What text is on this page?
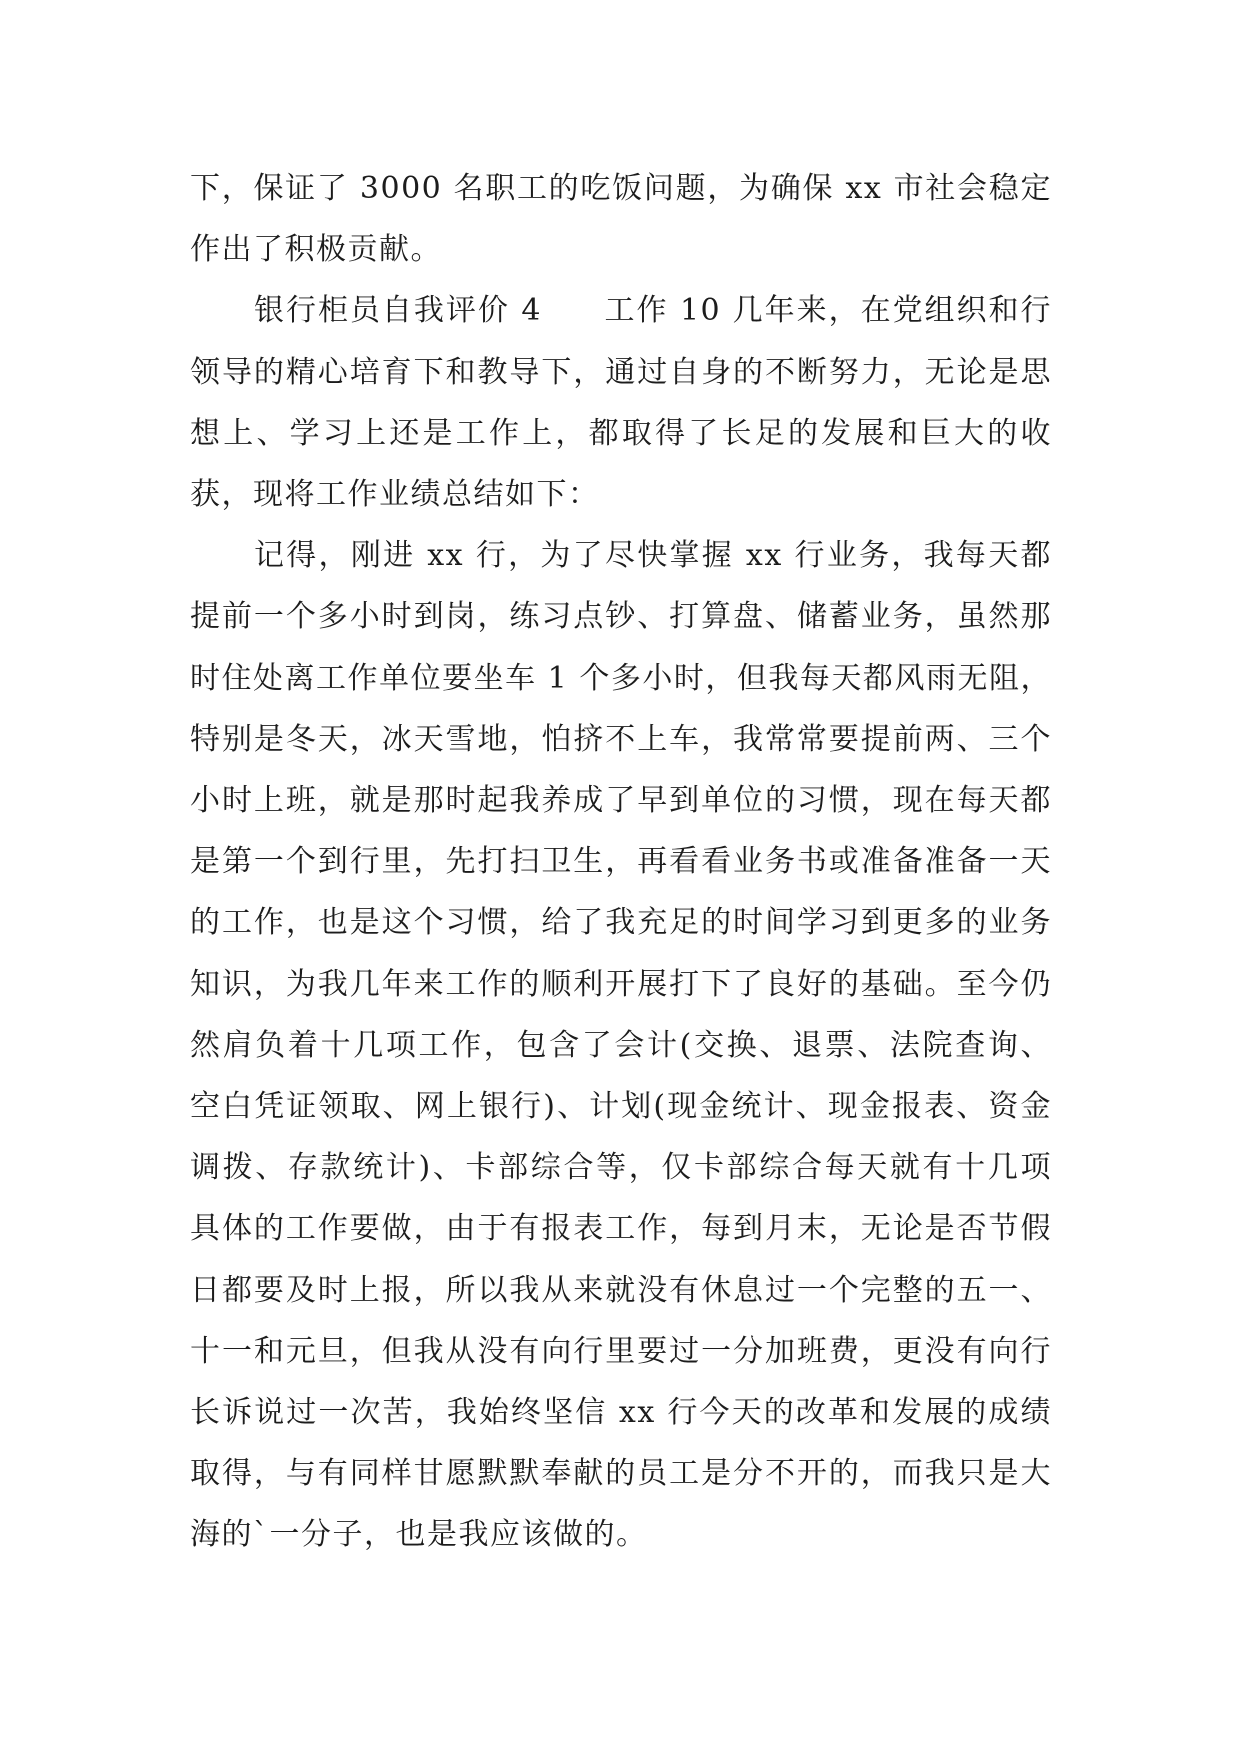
下，保证了 3000 名职工的吃饭问题，为确保 xx 市社会稳定作出了积极贡献。

银行柜员自我评价 4 工作 10 几年来，在党组织和行领导的精心培育下和教导下，通过自身的不断努力，无论是思想上、学习上还是工作上，都取得了长足的发展和巨大的收获，现将工作业绩总结如下：

记得，刚进 xx 行，为了尽快掌握 xx 行业务，我每天都提前一个多小时到岗，练习点钞、打算盘、储蓄业务，虽然那时住处离工作单位要坐车 1 个多小时，但我每天都风雨无阻，特别是冬天，冰天雪地，怕挤不上车，我常常要提前两、三个小时上班，就是那时起我养成了早到单位的习惯，现在每天都是第一个到行里，先打扫卫生，再看看业务书或准备准备一天的工作，也是这个习惯，给了我充足的时间学习到更多的业务知识，为我几年来工作的顺利开展打下了良好的基础。至今仍然肩负着十几项工作，包含了会计(交换、退票、法院查询、空白凭证领取、网上银行)、计划(现金统计、现金报表、资金调拨、存款统计)、卡部综合等，仅卡部综合每天就有十几项具体的工作要做，由于有报表工作，每到月末，无论是否节假日都要及时上报，所以我从来就没有休息过一个完整的五一、十一和元旦，但我从没有向行里要过一分加班费，更没有向行长诉说过一次苦，我始终坚信 xx 行今天的改革和发展的成绩取得，与有同样甘愿默默奉献的员工是分不开的，而我只是大海的`一分子，也是我应该做的。
